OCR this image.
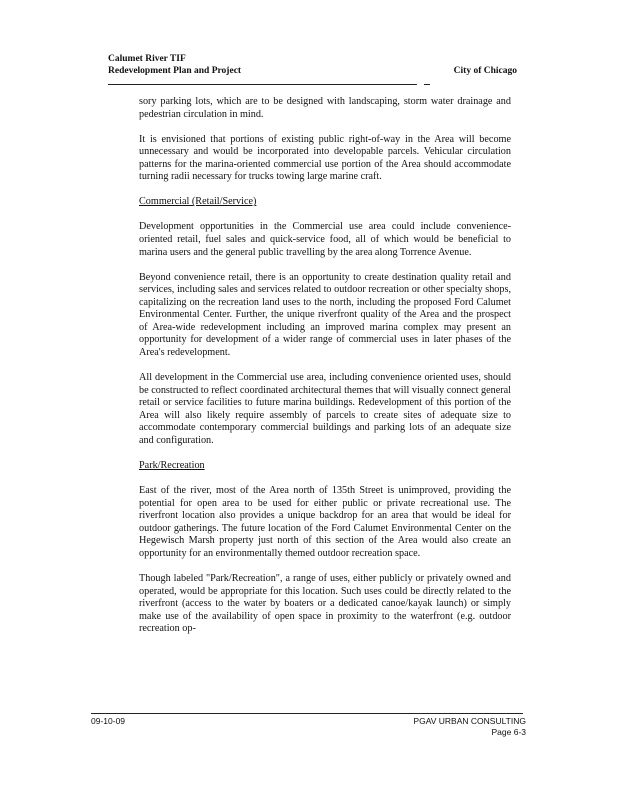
Calumet River TIF
Redevelopment Plan and Project	City of Chicago

sory parking lots, which are to be designed with landscaping, storm water drainage and pedestrian circulation in mind.

It is envisioned that portions of existing public right-of-way in the Area will become unnecessary and would be incorporated into developable parcels. Vehicular circulation patterns for the marina-oriented commercial use portion of the Area should accommodate turning radii necessary for trucks towing large marine craft.

Commercial (Retail/Service)

Development opportunities in the Commercial use area could include convenience-oriented retail, fuel sales and quick-service food, all of which would be beneficial to marina users and the general public travelling by the area along Torrence Avenue.

Beyond convenience retail, there is an opportunity to create destination quality retail and services, including sales and services related to outdoor recreation or other specialty shops, capitalizing on the recreation land uses to the north, including the proposed Ford Calumet Environmental Center. Further, the unique riverfront quality of the Area and the prospect of Area-wide redevelopment including an improved marina complex may present an opportunity for development of a wider range of commercial uses in later phases of the Area's redevelopment.

All development in the Commercial use area, including convenience oriented uses, should be constructed to reflect coordinated architectural themes that will visually connect general retail or service facilities to future marina buildings. Redevelopment of this portion of the Area will also likely require assembly of parcels to create sites of adequate size to accommodate contemporary commercial buildings and parking lots of an adequate size and configuration.

Park/Recreation

East of the river, most of the Area north of 135th Street is unimproved, providing the potential for open area to be used for either public or private recreational use. The riverfront location also provides a unique backdrop for an area that would be ideal for outdoor gatherings. The future location of the Ford Calumet Environmental Center on the Hegewisch Marsh property just north of this section of the Area would also create an opportunity for an environmentally themed outdoor recreation space.

Though labeled "Park/Recreation", a range of uses, either publicly or privately owned and operated, would be appropriate for this location. Such uses could be directly related to the riverfront (access to the water by boaters or a dedicated canoe/kayak launch) or simply make use of the availability of open space in proximity to the waterfront (e.g. outdoor recreation op-

09-10-09	PGAV URBAN CONSULTING
Page 6-3
